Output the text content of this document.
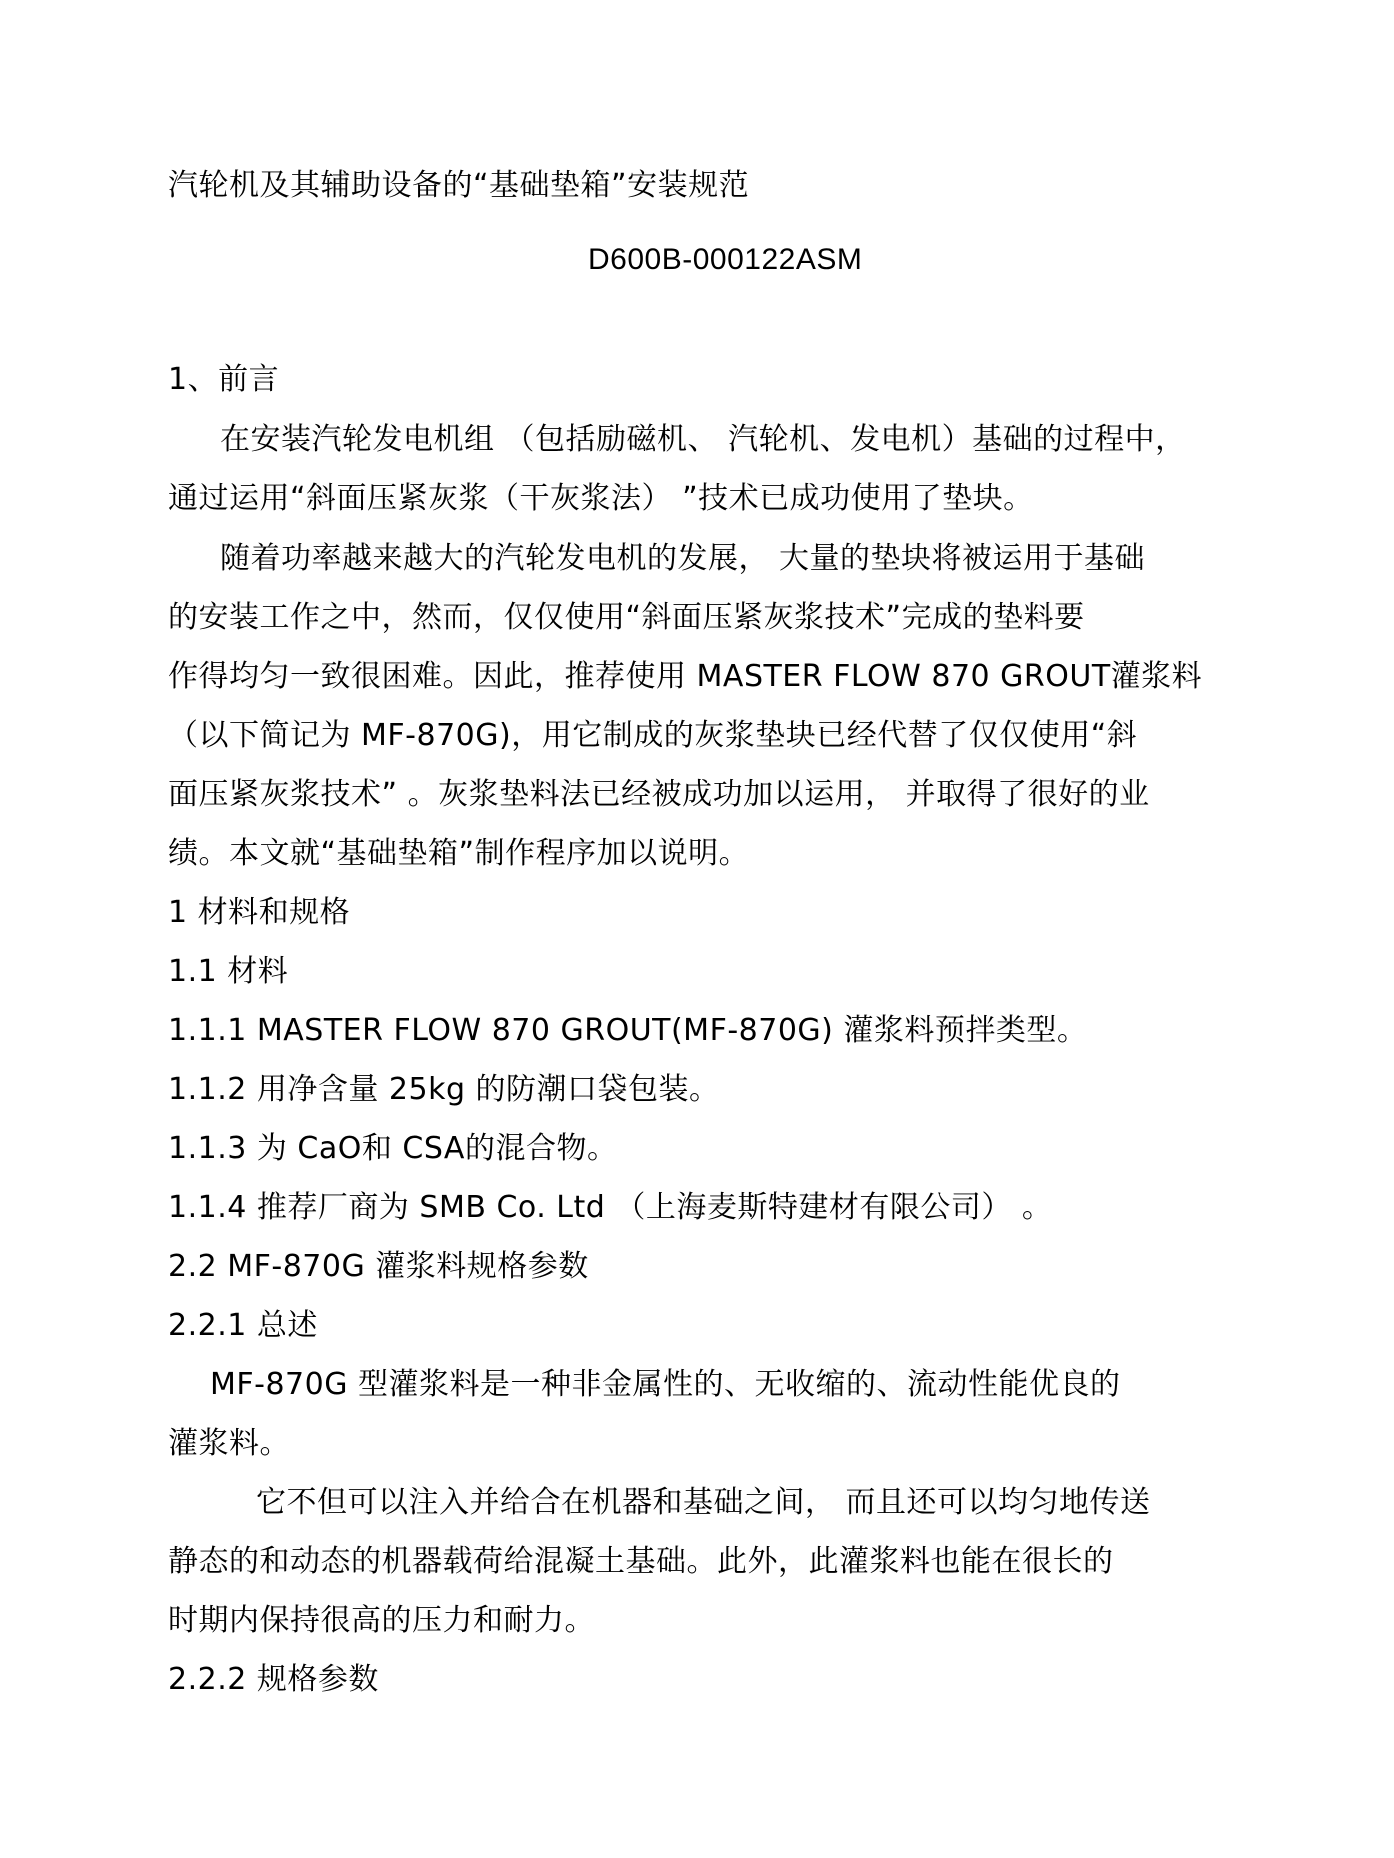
汽轮机及其辅助设备的“基础垫箱”安装规范
D600B-000122ASM
1、前言
在安装汽轮发电机组 （包括励磁机、 汽轮机、发电机）基础的过程中，
通过运用“斜面压紧灰浆（干灰浆法） ”技术已成功使用了垫块。
随着功率越来越大的汽轮发电机的发展， 大量的垫块将被运用于基础
的安装工作之中，然而，仅仅使用“斜面压紧灰浆技术”完成的垫料要
作得均匀一致很困难。因此，推荐使用 MASTER FLOW 870 GROUT灌浆料
（以下简记为 MF-870G)，用它制成的灰浆垫块已经代替了仅仅使用“斜
面压紧灰浆技术” 。灰浆垫料法已经被成功加以运用， 并取得了很好的业
绩。本文就“基础垫箱”制作程序加以说明。
1 材料和规格
1.1 材料
1.1.1 MASTER FLOW 870 GROUT(MF-870G) 灌浆料预拌类型。
1.1.2 用净含量 25kg 的防潮口袋包装。
1.1.3 为 CaO和 CSA的混合物。
1.1.4 推荐厂商为 SMB Co. Ltd （上海麦斯特建材有限公司） 。
2.2 MF-870G 灌浆料规格参数
2.2.1 总述
MF-870G 型灌浆料是一种非金属性的、无收缩的、流动性能优良的
灌浆料。
它不但可以注入并给合在机器和基础之间， 而且还可以均匀地传送
静态的和动态的机器载荷给混凝土基础。此外，此灌浆料也能在很长的
时期内保持很高的压力和耐力。
2.2.2 规格参数
